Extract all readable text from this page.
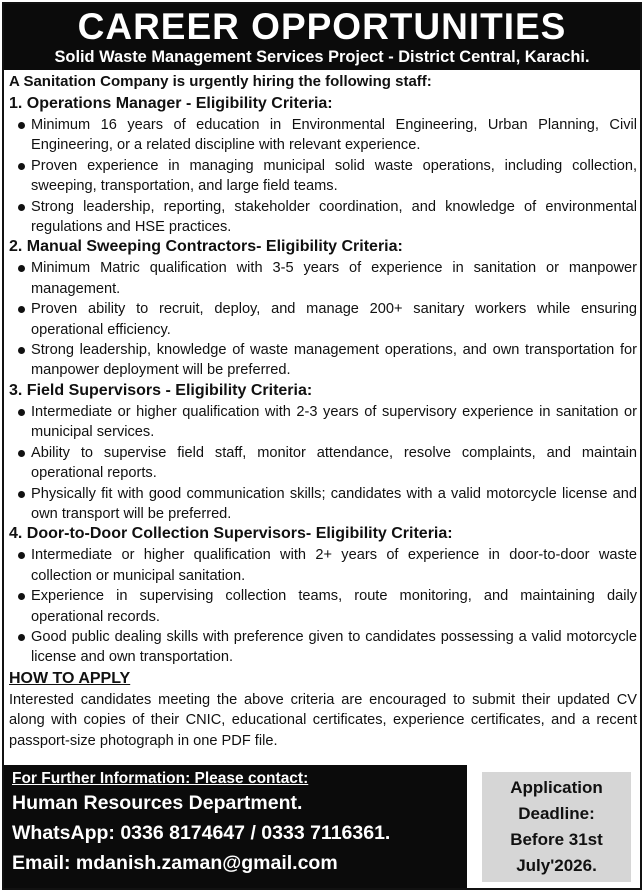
CAREER OPPORTUNITIES
Solid Waste Management Services Project - District Central, Karachi.
A Sanitation Company is urgently hiring the following staff:
1. Operations Manager - Eligibility Criteria:
Minimum 16 years of education in Environmental Engineering, Urban Planning, Civil Engineering, or a related discipline with relevant experience.
Proven experience in managing municipal solid waste operations, including collection, sweeping, transportation, and large field teams.
Strong leadership, reporting, stakeholder coordination, and knowledge of environmental regulations and HSE practices.
2. Manual Sweeping Contractors- Eligibility Criteria:
Minimum Matric qualification with 3-5 years of experience in sanitation or manpower management.
Proven ability to recruit, deploy, and manage 200+ sanitary workers while ensuring operational efficiency.
Strong leadership, knowledge of waste management operations, and own transportation for manpower deployment will be preferred.
3. Field Supervisors - Eligibility Criteria:
Intermediate or higher qualification with 2-3 years of supervisory experience in sanitation or municipal services.
Ability to supervise field staff, monitor attendance, resolve complaints, and maintain operational reports.
Physically fit with good communication skills; candidates with a valid motorcycle license and own transport will be preferred.
4. Door-to-Door Collection Supervisors- Eligibility Criteria:
Intermediate or higher qualification with 2+ years of experience in door-to-door waste collection or municipal sanitation.
Experience in supervising collection teams, route monitoring, and maintaining daily operational records.
Good public dealing skills with preference given to candidates possessing a valid motorcycle license and own transportation.
HOW TO APPLY
Interested candidates meeting the above criteria are encouraged to submit their updated CV along with copies of their CNIC, educational certificates, experience certificates, and a recent passport-size photograph in one PDF file.
For Further Information: Please contact:
Human Resources Department.
WhatsApp: 0336 8174647 / 0333 7116361.
Email: mdanish.zaman@gmail.com
Application
Deadline:
Before 31st
July'2026.
